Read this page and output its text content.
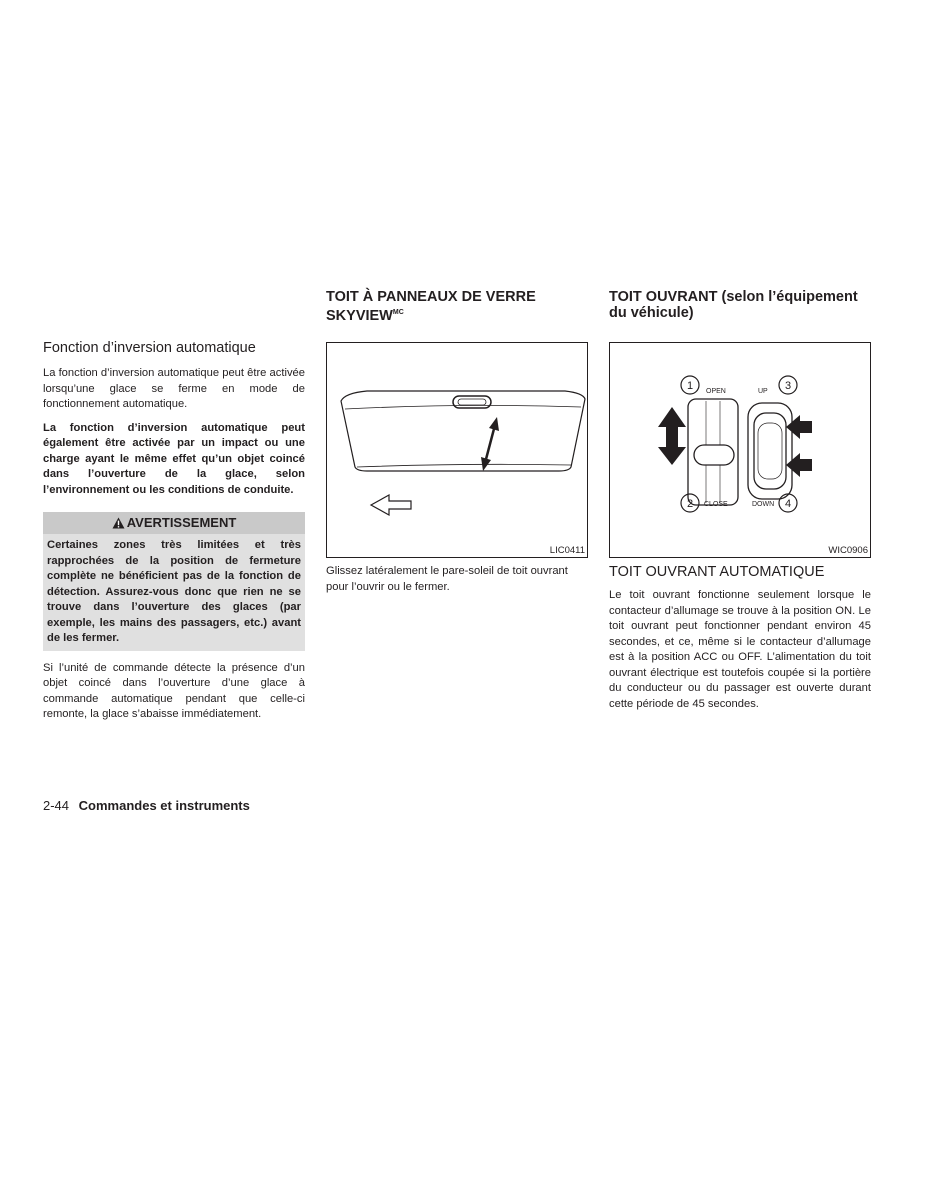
Fonction d’inversion automatique

La fonction d’inversion automatique peut être activée lorsqu’une glace se ferme en mode de fonctionnement automatique.

La fonction d’inversion automatique peut également être activée par un impact ou une charge ayant le même effet qu’un objet coincé dans l’ouverture de la glace, selon l’environnement ou les conditions de conduite.

AVERTISSEMENT
Certaines zones très limitées et très rapprochées de la position de fermeture complète ne bénéficient pas de la fonction de détection. Assurez-vous donc que rien ne se trouve dans l’ouverture des glaces (par exemple, les mains des passagers, etc.) avant de les fermer.

Si l’unité de commande détecte la présence d’un objet coincé dans l’ouverture d’une glace à commande automatique pendant que celle-ci remonte, la glace s’abaisse immédiatement.

TOIT À PANNEAUX DE VERRE
$SKYVIEW^{MC}$
LIC0411
Glissez latéralement le pare-soleil de toit ouvrant pour l’ouvrir ou le fermer.
TOIT OUVRANT (selon l’équipement du véhicule)
1
2
3
4
OPEN
CLOSE
UP
DOWN
WIC0906
TOIT OUVRANT AUTOMATIQUE
Le toit ouvrant fonctionne seulement lorsque le contacteur d’allumage se trouve à la position ON. Le toit ouvrant peut fonctionner pendant environ 45 secondes, et ce, même si le contacteur d’allumage est à la position ACC ou OFF. L’alimentation du toit ouvrant électrique est toutefois coupée si la portière du conducteur ou du passager est ouverte durant cette période de 45 secondes.
2-44 Commandes et instruments
